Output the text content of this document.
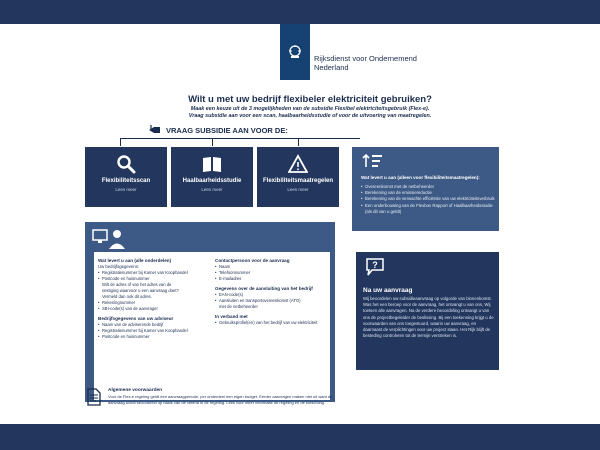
Rijksdienst voor Ondernemend
Nederland
Wilt u met uw bedrijf flexibeler elektriciteit gebruiken?
Maak een keuze uit de 3 mogelijkheden van de subsidie Flexibel elektriciteitsgebruik (Flex-e).
Vraag subsidie aan voor een scan, haalbaarheidsstudie of voor de uitvoering van maatregelen.
VRAAG SUBSIDIE AAN VOOR DE:
Flexibiliteitsscan
Lees meer
Haalbaarheidsstudie
Lees meer
Flexibiliteitsmaatregelen
Lees meer
Wat levert u aan (alleen voor flexibiliteitsmaatregelen):
• Overeenkomst met de netbeheerder
• Berekening van de emissiereductie
• Berekening van de verwachte efficiëntie van uw elektriciteitsverbruik
• Een onderbouwing van de Flexbox Rapport of Haalbaarheidsstudie (als dit van u geldt)
Wat levert u aan (alle onderdelen)
Uw bedrijfsgegevens:
• Registratienummer bij Kamer van Koophandel
• Postcode en huisnummer
Wilt de adres of van het adres van de
vestiging waarvoor u een aanvraag doet?
Vermeld dan ook dit adres.
• Rekeningnummer
• SBI-code(s) van de aanvrager
Bedrijfsgegevens van uw adviseur
• Naam van de adviserende bedrijf
• Registratienummer bij Kamer van Koophandel
• Postcode en huisnummer
Contactpersoon voor de aanvraag
• Naam
• Telefoonnummer
• E-mailadres
Gegevens over de aansluiting van het bedrijf
• EAN-code(s)
• Aansluiten en transportovereenkomst (ATO)
met de netbeheerder
In verband met
• Gebruiksprofiel(en) van het bedrijf van uw elektriciteit
?
Na uw aanvraag
Wij beoordelen uw subsidieaanvraag op volgorde van binnenkomst. Was het een beroep voor de aanvraag, het ontvangt u van ons, Wij toetsen alle aanvragen. Na de verdere beoordeling ontvangt u van ons de projectbegeleider de beslissing. Bij een toekenning krijgt u de voorwaarden van ons toegestuurd, waarin uw aanvraag, en daarnaast de verplichtingen voor uw project staan. Het Rijk blijft de besteding controleren tot de termijn verstreken is.
Algemene voorwaarden
Voor de Flex-e regeling geldt een aanvraagperiode, per onderdeel een eigen budget. Eerder aanvragen maken niet uit want de aanvraag wordt beoordeeld op basis van de criteria in de regeling. Lees voor meer informatie de regeling en de toelichting.
